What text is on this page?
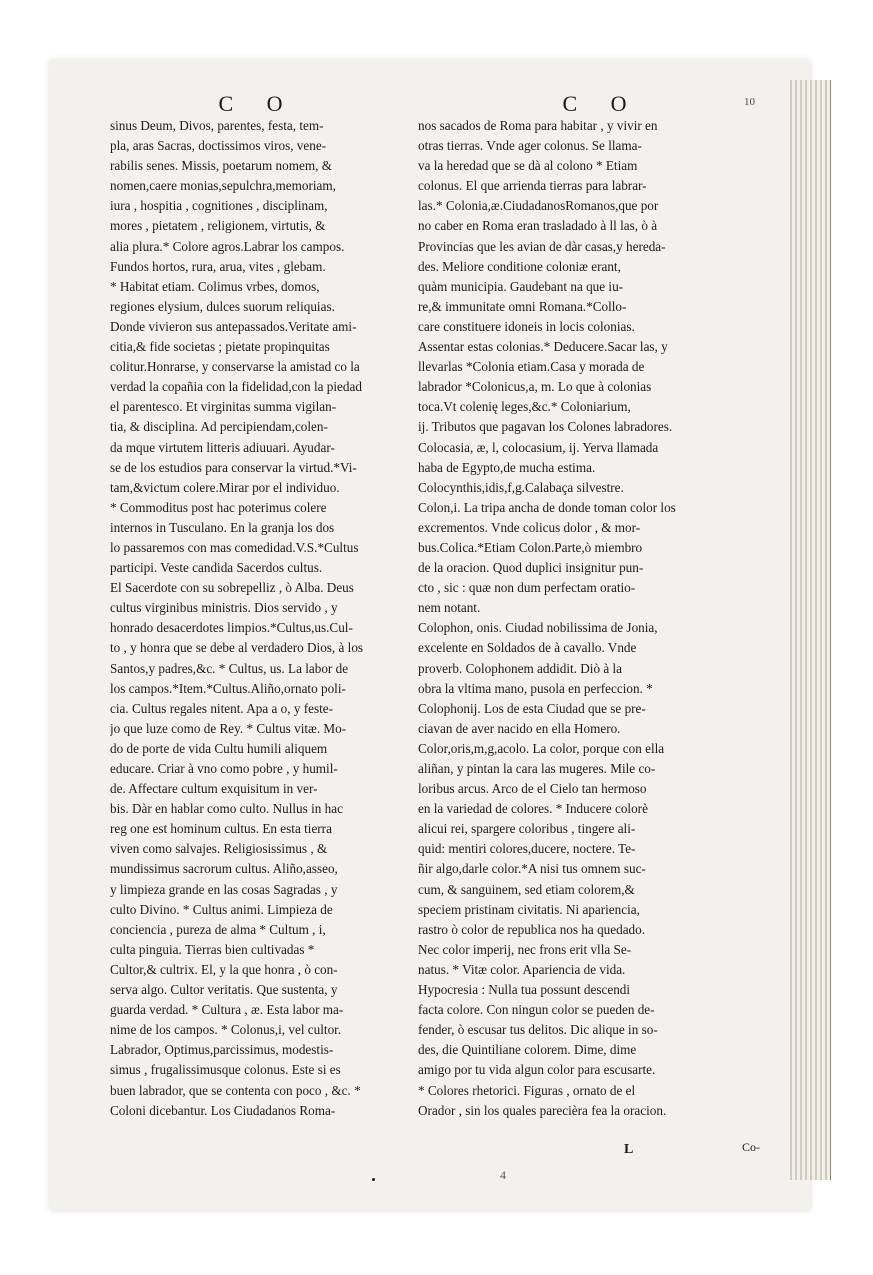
C O
sinus Deum, Divos, parentes, festa, tem-
pla, aras Sacras, doctissimos viros, vene-
rabilis senes. Missis, poetarum nomem, &
nomen,caere monias,sepulchra,memoriam,
iura , hospitia , cognitiones , disciplinam,
mores , pietatem , religionem, virtutis, &
alia plura.* Colore agros.Labrar los campos.
Fundos hortos, rura, arua, vites , glebam.
* Habitat etiam. Colimus vrbes, domos,
regiones elysium, dulces suorum reliquias.
Donde vivieron sus antepassados.Veritate ami-
citia,& fide societas ; pietate propinquitas
colitur.Honrarse, y conservarse la amistad co la
verdad la copañia con la fidelidad,con la piedad
el parentesco. Et virginitas summa vigilan-
tia, & disciplina. Ad percipiendam,colen-
da mque virtutem litteris adiuuari. Ayudar-
se de los estudios para conservar la virtud.*Vi-
tam,&victum colere.Mirar por el individuo.
* Commoditus post hac poterimus colere
internos in Tusculano. En la granja los dos
lo passaremos con mas comedidad.V.S.*Cultus
participi. Veste candida Sacerdos cultus.
El Sacerdote con su sobrepelliz , ò Alba. Deus
cultus virginibus ministris. Dios servido , y
honrado desacerdotes limpios.*Cultus,us.Cul-
to , y honra que se debe al verdadero Dios, à los
Santos,y padres,&c. * Cultus, us. La labor de
los campos.*Item.*Cultus.Aliño,ornato poli-
cia. Cultus regales nitent. Apa a o, y feste-
jo que luze como de Rey. * Cultus vitæ. Mo-
do de porte de vida Cultu humili aliquem
educare. Criar à vno como pobre , y humil-
de. Affectare cultum exquisitum in ver-
bis. Dàr en hablar como culto. Nullus in hac
reg one est hominum cultus. En esta tierra
viven como salvajes. Religiosissimus , &
mundissimus sacrorum cultus. Aliño,asseo,
y limpieza grande en las cosas Sagradas , y
culto Divino. * Cultus animi. Limpieza de
conciencia , pureza de alma * Cultum , i,
culta pinguia. Tierras bien cultivadas *
Cultor,& cultrix. El, y la que honra , ò con-
serva algo. Cultor veritatis. Que sustenta, y
guarda verdad. * Cultura , æ. Esta labor ma-
nime de los campos. * Colonus,i, vel cultor.
Labrador, Optimus,parcissimus, modestis-
simus , frugalissimusque colonus. Este si es
buen labrador, que se contenta con poco , &c. *
Coloni dicebantur. Los Ciudadanos Roma-
10
C O
nos sacados de Roma para habitar , y vivir en
otras tierras. Vnde ager colonus. Se llama-
va la heredad que se dà al colono * Etiam
colonus. El que arrienda tierras para labrar-
las.* Colonia,æ.CiudadanosRomanos,que por
no caber en Roma eran trasladado à ll las, ò à
Provincias que les avian de dàr casas,y hereda-
des. Meliore conditione coloniæ erant,
quàm municipia. Gaudebant na que iu-
re,& immunitate omni Romana.*Collo-
care constituere idoneis in locis colonias.
Assentar estas colonias.* Deducere.Sacar las, y
llevarlas *Colonia etiam.Casa y morada de
labrador *Colonicus,a, m. Lo que à colonias
toca.Vt colenię leges,&c.* Coloniarium,
ij. Tributos que pagavan los Colones labradores.
Colocasia, æ, l, colocasium, ij. Yerva llamada
haba de Egypto,de mucha estima.
Colocynthis,idis,f,g.Calabaça silvestre.
Colon,i. La tripa ancha de donde toman color los
excrementos. Vnde colicus dolor , & mor-
bus.Colica.*Etiam Colon.Parte,ò miembro
de la oracion. Quod duplici insignitur pun-
cto , sic : quæ non dum perfectam oratio-
nem notant.
Colophon, onis. Ciudad nobilissima de Jonia,
excelente en Soldados de à cavallo. Vnde
proverb. Colophonem addidit. Diò à la
obra la vltima mano, pusola en perfeccion. *
Colophonij. Los de esta Ciudad que se pre-
ciavan de aver nacido en ella Homero.
Color,oris,m,g,acolo. La color, porque con ella
aliñan, y pintan la cara las mugeres. Mile co-
loribus arcus. Arco de el Cielo tan hermoso
en la variedad de colores. * Inducere colorè
alicui rei, spargere coloribus , tingere ali-
quid: mentiri colores,ducere, noctere. Te-
ñir algo,darle color.*A nisi tus omnem suc-
cum, & sanguinem, sed etiam colorem,&
speciem pristinam civitatis. Ni apariencia,
rastro ò color de republica nos ha quedado.
Nec color imperij, nec frons erit vlla Se-
natus. * Vitæ color. Apariencia de vida.
Hypocresia : Nulla tua possunt descendi
facta colore. Con ningun color se pueden de-
fender, ò escusar tus delitos. Dic alique in so-
des, die Quintiliane colorem. Dime, dime
amigo por tu vida algun color para escusarte.
* Colores rhetorici. Figuras , ornato de el
Orador , sin los quales parecièra fea la oracion.
L	Co-
4
